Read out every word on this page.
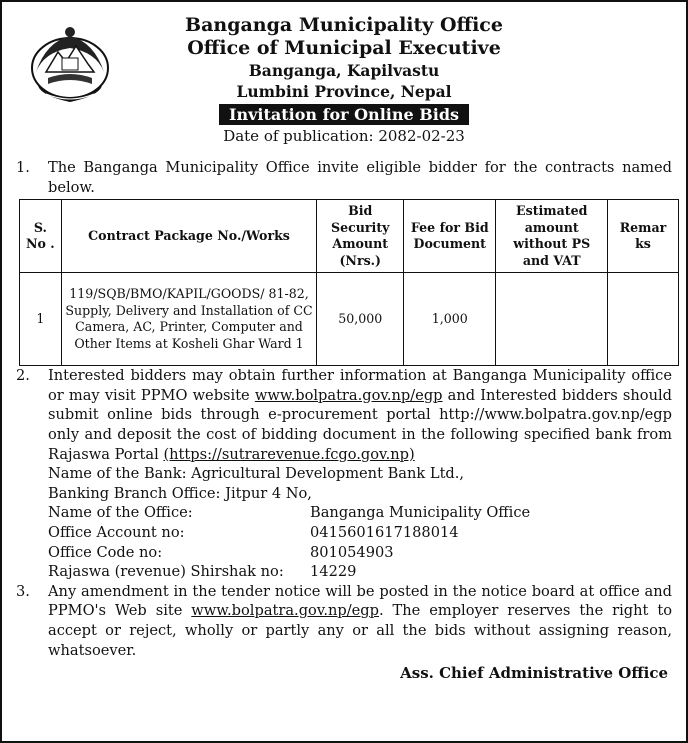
Banganga Municipality Office
Office of Municipal Executive
Banganga, Kapilvastu
Lumbini Province, Nepal
Invitation for Online Bids
Date of publication: 2082-02-23
1.	The Banganga Municipality Office invite eligible bidder for the contracts named below.
S. No .	Contract Package No./Works	Bid Security Amount (Nrs.)	Fee for Bid Document	Estimated amount without PS and VAT	Remar ks
1	119/SQB/BMO/KAPIL/GOODS/ 81-82, Supply, Delivery and Installation of CC Camera, AC, Printer, Computer and Other Items at Kosheli Ghar Ward 1	50,000	1,000		
2.	Interested bidders may obtain further information at Banganga Municipality office or may visit PPMO website www.bolpatra.gov.np/egp and Interested bidders should submit online bids through e-procurement portal http://www.bolpatra.gov.np/egp only and deposit the cost of bidding document in the following specified bank from Rajaswa Portal (https://sutrarevenue.fcgo.gov.np)
Name of the Bank: Agricultural Development Bank Ltd.,
Banking Branch Office: Jitpur 4 No,
Name of the Office:	Banganga Municipality Office
Office Account no:	0415601617188014
Office Code no:	801054903
Rajaswa (revenue) Shirshak no:	14229
3.	Any amendment in the tender notice will be posted in the notice board at office and PPMO's Web site www.bolpatra.gov.np/egp. The employer reserves the right to accept or reject, wholly or partly any or all the bids without assigning reason, whatsoever.
Ass. Chief Administrative Office
